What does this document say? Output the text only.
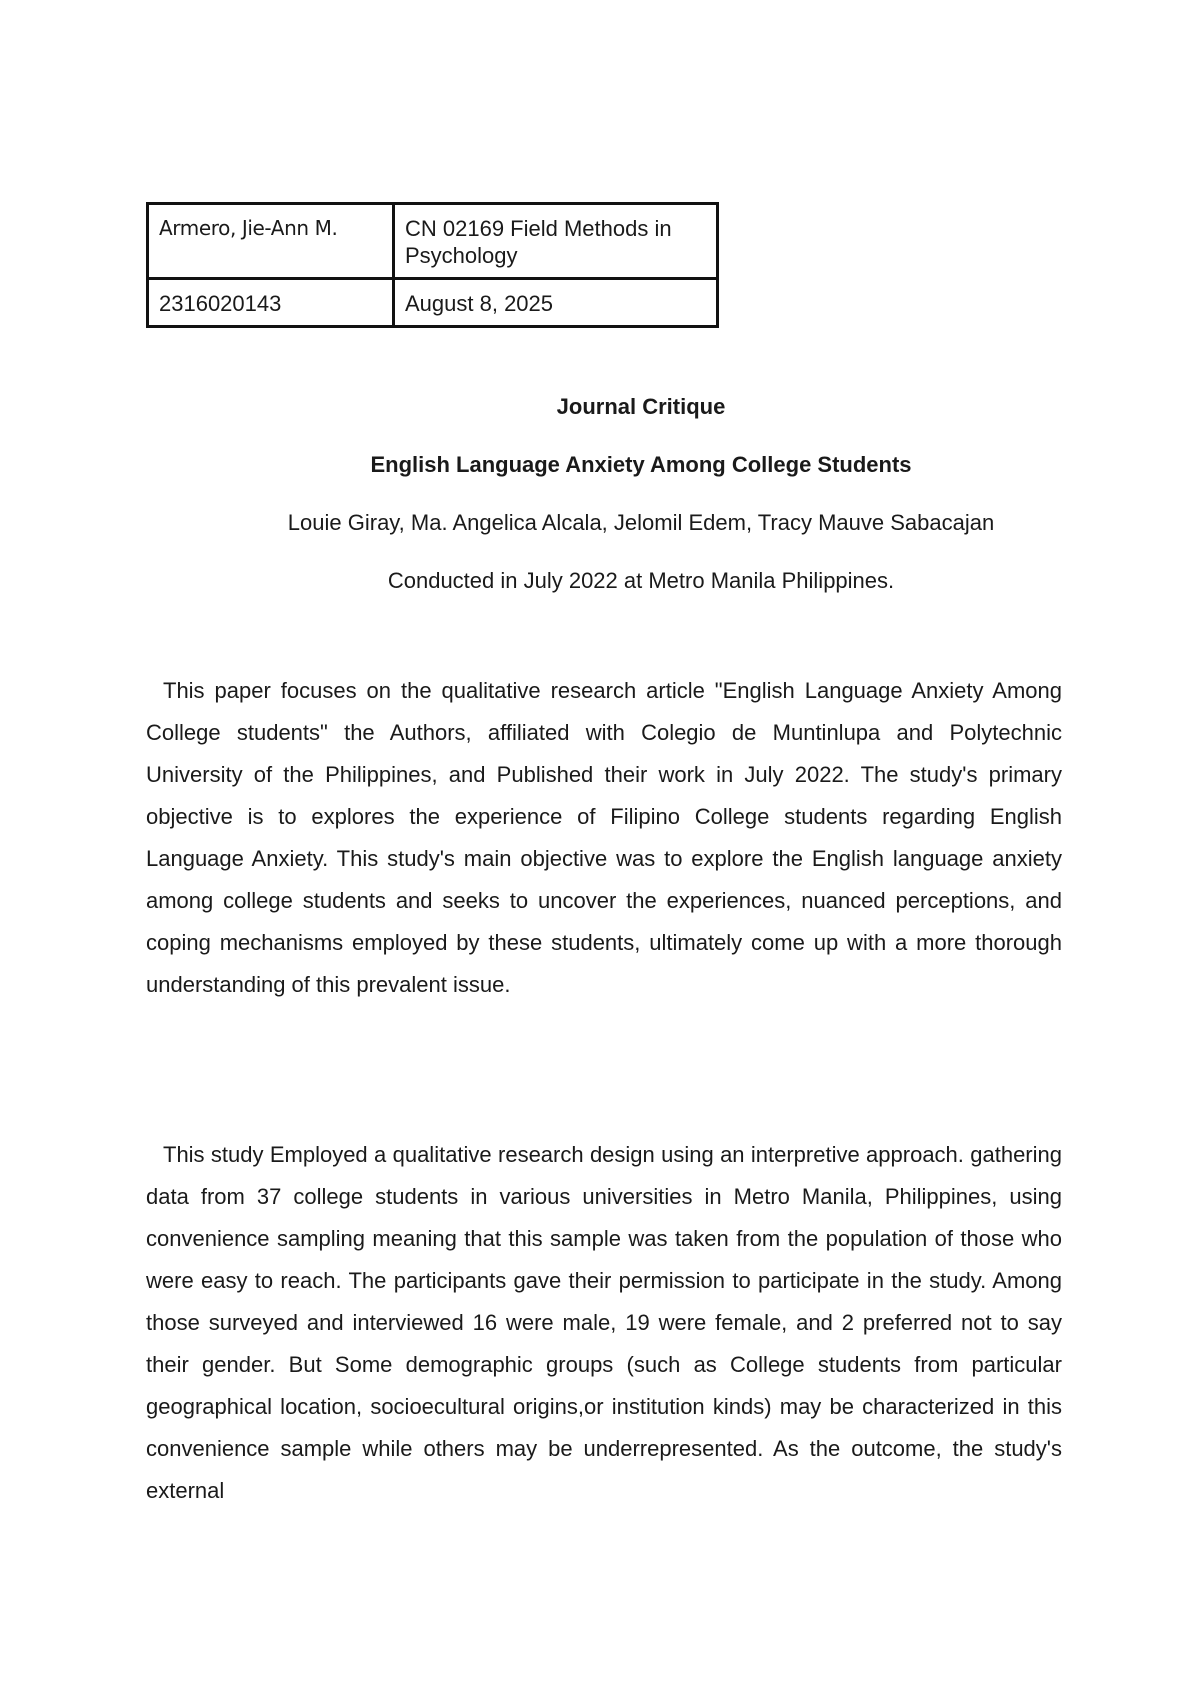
Armero, Jie-Ann M.	CN 02169 Field Methods in Psychology
2316020143	August 8, 2025
Journal Critique
English Language Anxiety Among College Students
Louie Giray, Ma. Angelica Alcala, Jelomil Edem, Tracy Mauve Sabacajan
Conducted in July 2022 at Metro Manila Philippines.

This paper focuses on the qualitative research article "English Language Anxiety Among College students" the Authors, affiliated with Colegio de Muntinlupa and Polytechnic University of the Philippines, and Published their work in July 2022. The study's primary objective is to explores the experience of Filipino College students regarding English Language Anxiety. This study's main objective was to explore the English language anxiety among college students and seeks to uncover the experiences, nuanced perceptions, and coping mechanisms employed by these students, ultimately come up with a more thorough understanding of this prevalent issue.

This study Employed a qualitative research design using an interpretive approach. gathering data from 37 college students in various universities in Metro Manila, Philippines, using convenience sampling meaning that this sample was taken from the population of those who were easy to reach. The participants gave their permission to participate in the study. Among those surveyed and interviewed 16 were male, 19 were female, and 2 preferred not to say their gender. But Some demographic groups (such as College students from particular geographical location, socioecultural origins,or institution kinds) may be characterized in this convenience sample while others may be underrepresented. As the outcome, the study's external
